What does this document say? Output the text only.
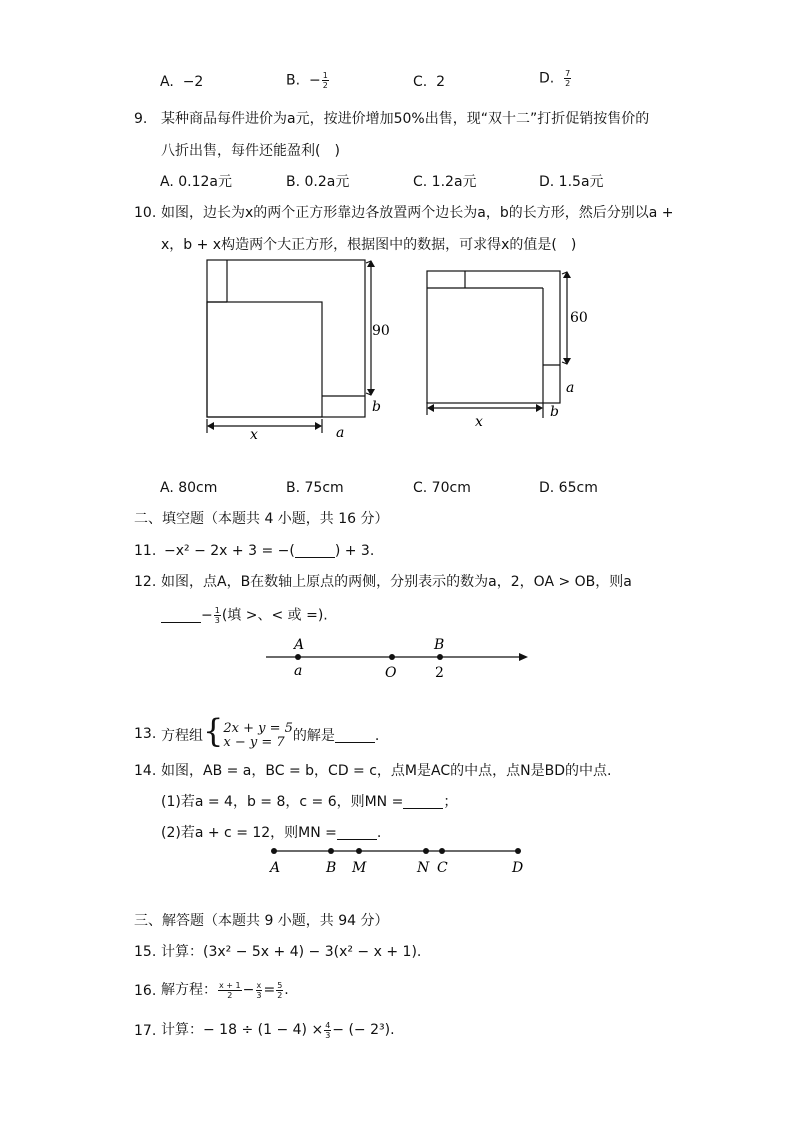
A. −2	B. − $\frac{1}{2}$	C. 2	D. $\frac{7}{2}$
9. 某种商品每件进价为a元，按进价增加50%出售，现“双十二”打折促销按售价的
八折出售，每件还能盈利(　)
A. 0.12a元	B. 0.2a元	C. 1.2a元	D. 1.5a元
10. 如图，边长为x的两个正方形靠边各放置两个边长为a，b的长方形，然后分别以a +
x，b + x构造两个大正方形，根据图中的数据，可求得x的值是(　)
90
b
x	a
60
a
b
x
A. 80cm	B. 75cm	C. 70cm	D. 65cm
二、填空题（本题共 4 小题，共 16 分）
11. −x² − 2x + 3 = −(	) + 3.
12. 如图，点A，B在数轴上原点的两侧，分别表示的数为a，2，OA > OB，则a
− $\frac{1}{3}$ (填 >、< 或 =).
A
a	O
B
2
13. 方程组{ 2x + y = 5
x − y = 7 的解是	.
14. 如图，AB = a，BC = b，CD = c，点M是AC的中点，点N是BD的中点.
(1)若a = 4，b = 8，c = 6，则MN =	；
(2)若a + c = 12，则MN =	.
A	B M	N C	D
三、解答题（本题共 9 小题，共 94 分）
15. 计算：(3x² − 5x + 4) − 3(x² − x + 1).
16. 解方程： $\frac{x + 1}{2} - \frac{x}{3} = \frac{5}{2}$ .
17. 计算：− $18 \div (1 - 4) \times \frac{4}{3}$ − (− 2³).
